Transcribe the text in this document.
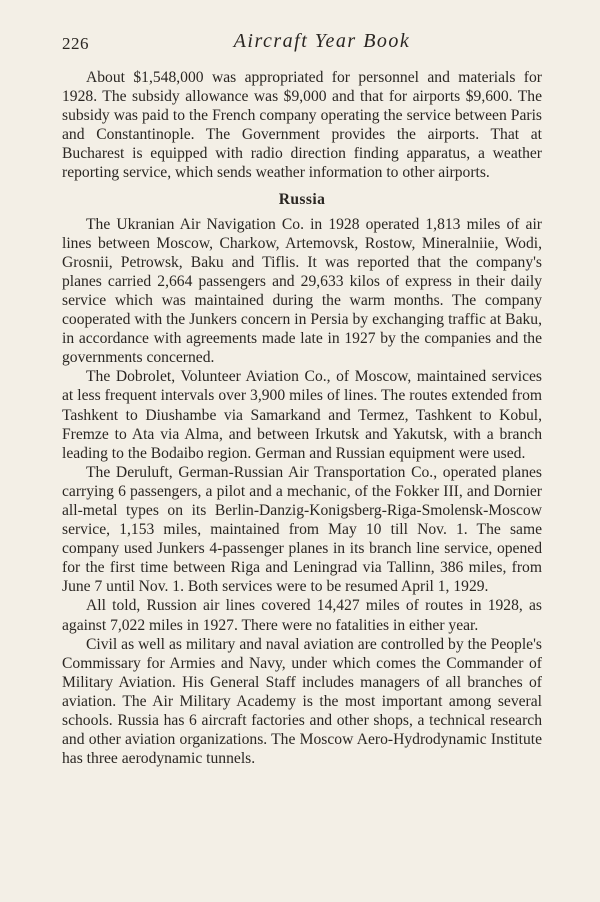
226	Aircraft Year Book

About $1,548,000 was appropriated for personnel and materials for 1928. The subsidy allowance was $9,000 and that for airports $9,600. The subsidy was paid to the French company operating the service between Paris and Constantinople. The Government provides the airports. That at Bucharest is equipped with radio direction finding apparatus, a weather reporting service, which sends weather information to other airports.

Russia

The Ukranian Air Navigation Co. in 1928 operated 1,813 miles of air lines between Moscow, Charkow, Artemovsk, Rostow, Mineralniie, Wodi, Grosnii, Petrowsk, Baku and Tiflis. It was reported that the company's planes carried 2,664 passengers and 29,633 kilos of express in their daily service which was maintained during the warm months. The company cooperated with the Junkers concern in Persia by exchanging traffic at Baku, in accordance with agreements made late in 1927 by the companies and the governments concerned.

The Dobrolet, Volunteer Aviation Co., of Moscow, maintained services at less frequent intervals over 3,900 miles of lines. The routes extended from Tashkent to Diushambe via Samarkand and Termez, Tashkent to Kobul, Fremze to Ata via Alma, and between Irkutsk and Yakutsk, with a branch leading to the Bodaibo region. German and Russian equipment were used.

The Deruluft, German-Russian Air Transportation Co., operated planes carrying 6 passengers, a pilot and a mechanic, of the Fokker III, and Dornier all-metal types on its Berlin-Danzig-Konigsberg-Riga-Smolensk-Moscow service, 1,153 miles, maintained from May 10 till Nov. 1. The same company used Junkers 4-passenger planes in its branch line service, opened for the first time between Riga and Leningrad via Tallinn, 386 miles, from June 7 until Nov. 1. Both services were to be resumed April 1, 1929.

All told, Russion air lines covered 14,427 miles of routes in 1928, as against 7,022 miles in 1927. There were no fatalities in either year.

Civil as well as military and naval aviation are controlled by the People's Commissary for Armies and Navy, under which comes the Commander of Military Aviation. His General Staff includes managers of all branches of aviation. The Air Military Academy is the most important among several schools. Russia has 6 aircraft factories and other shops, a technical research and other aviation organizations. The Moscow Aero-Hydrodynamic Institute has three aerodynamic tunnels.
